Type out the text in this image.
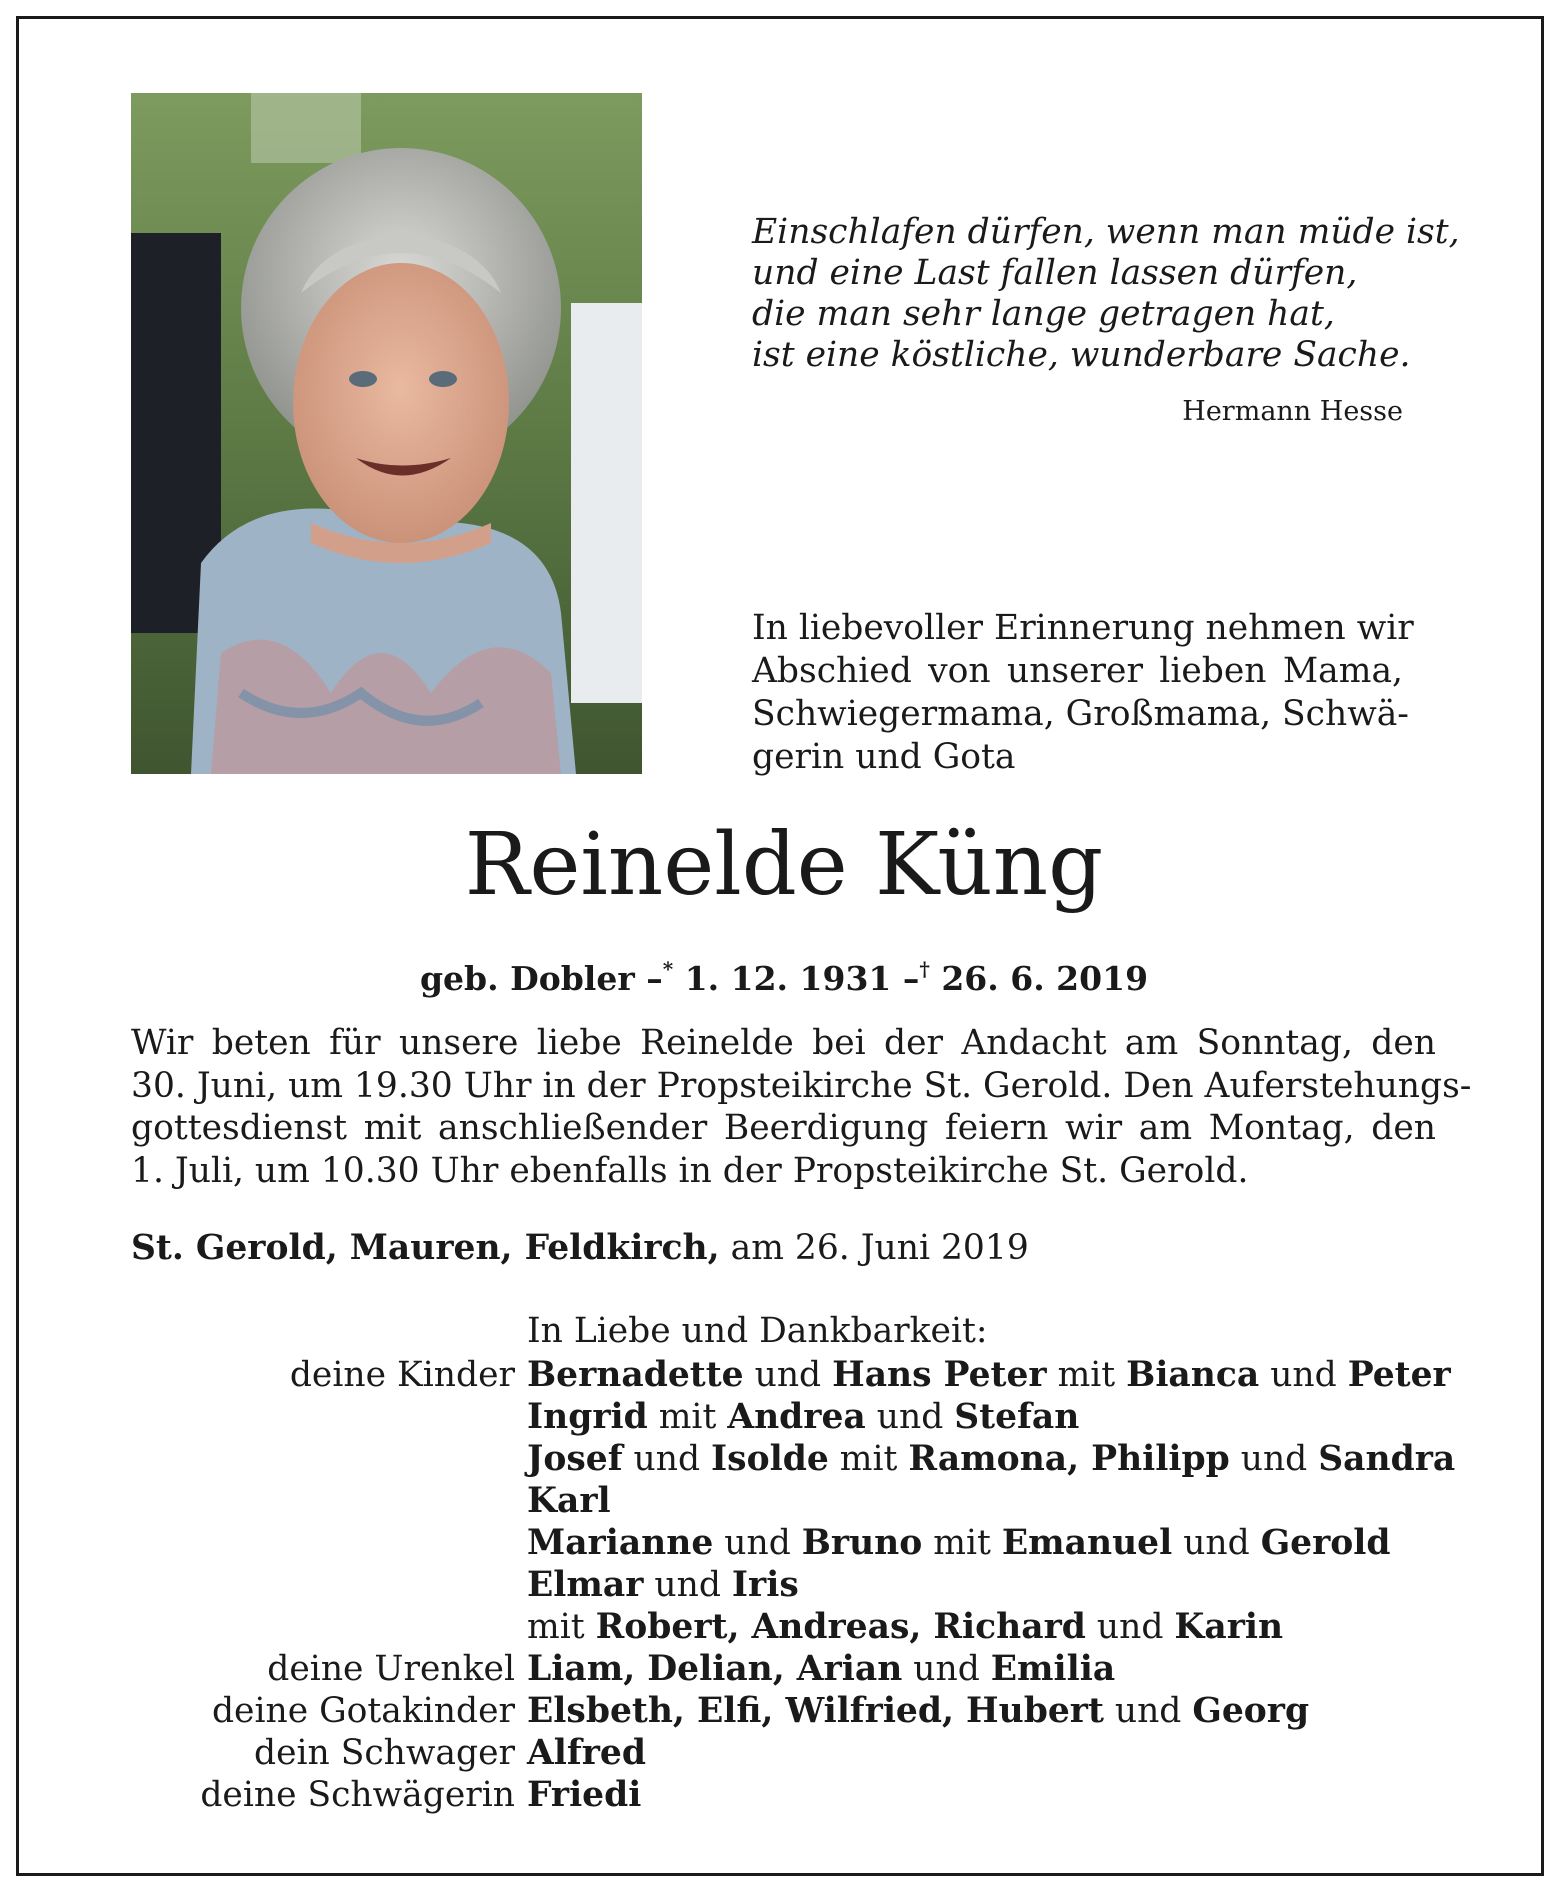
Einschlafen dürfen, wenn man müde ist,
und eine Last fallen lassen dürfen,
die man sehr lange getragen hat,
ist eine köstliche, wunderbare Sache.
Hermann Hesse
In liebevoller Erinnerung nehmen wir
Abschied von unserer lieben Mama,
Schwiegermama, Großmama, Schwä-
gerin und Gota
Reinelde Küng
geb. Dobler –* 1. 12. 1931 –† 26. 6. 2019
Wir beten für unsere liebe Reinelde bei der Andacht am Sonntag, den
30. Juni, um 19.30 Uhr in der Propsteikirche St. Gerold. Den Auferstehungs-
gottesdienst mit anschließender Beerdigung feiern wir am Montag, den
1. Juli, um 10.30 Uhr ebenfalls in der Propsteikirche St. Gerold.
St. Gerold, Mauren, Feldkirch, am 26. Juni 2019
In Liebe und Dankbarkeit:
deine Kinder Bernadette und Hans Peter mit Bianca und Peter
Ingrid mit Andrea und Stefan
Josef und Isolde mit Ramona, Philipp und Sandra
Karl
Marianne und Bruno mit Emanuel und Gerold
Elmar und Iris
mit Robert, Andreas, Richard und Karin
deine Urenkel Liam, Delian, Arian und Emilia
deine Gotakinder Elsbeth, Elfi, Wilfried, Hubert und Georg
dein Schwager Alfred
deine Schwägerin Friedi
